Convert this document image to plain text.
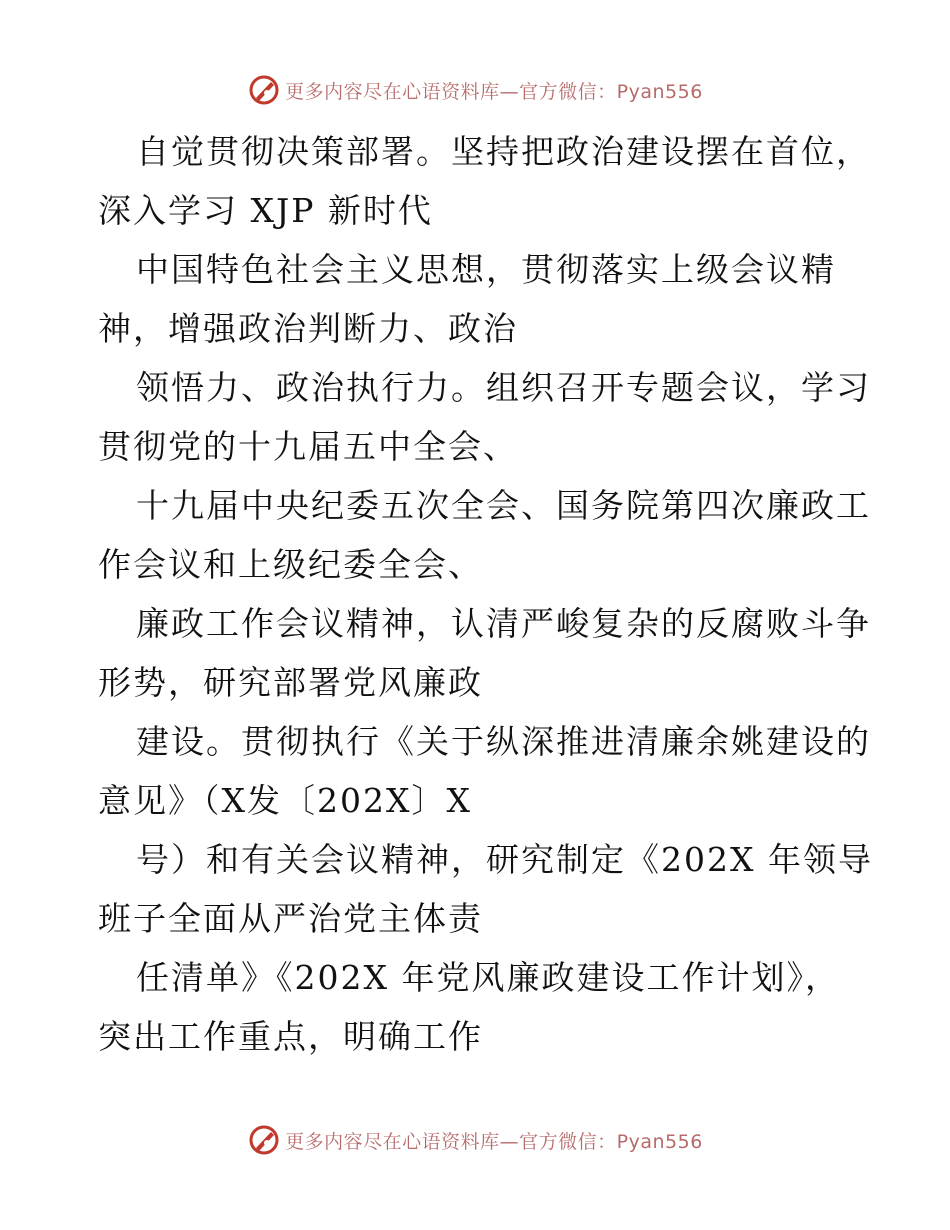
更多内容尽在心语资料库—官方微信：Pyan556
自觉贯彻决策部署。坚持把政治建设摆在首位，
深入学习 XJP 新时代
中国特色社会主义思想，贯彻落实上级会议精
神，增强政治判断力、政治
领悟力、政治执行力。组织召开专题会议，学习
贯彻党的十九届五中全会、
十九届中央纪委五次全会、国务院第四次廉政工
作会议和上级纪委全会、
廉政工作会议精神，认清严峻复杂的反腐败斗争
形势，研究部署党风廉政
建设。贯彻执行《关于纵深推进清廉余姚建设的
意见》（X发〔202X〕X
号）和有关会议精神，研究制定《202X 年领导
班子全面从严治党主体责
任清单》《202X 年党风廉政建设工作计划》，
突出工作重点，明确工作
更多内容尽在心语资料库—官方微信：Pyan556
